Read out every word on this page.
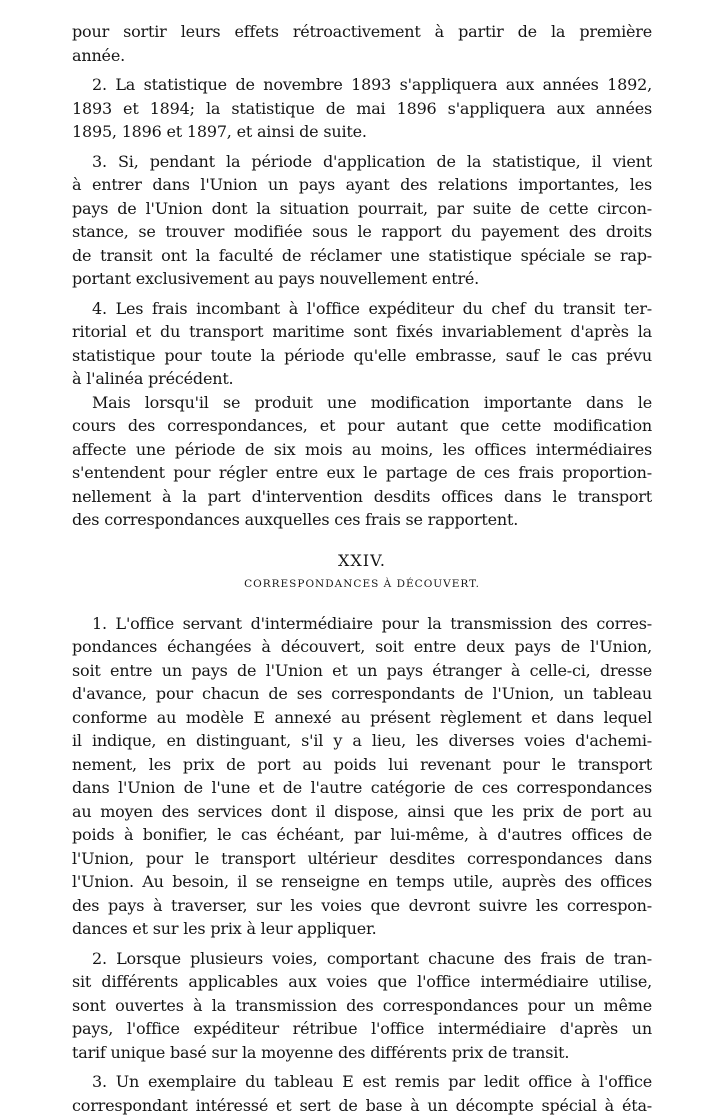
pour sortir leurs effets rétroactivement à partir de la première
année.

2. La statistique de novembre 1893 s'appliquera aux années 1892,
1893 et 1894; la statistique de mai 1896 s'appliquera aux années
1895, 1896 et 1897, et ainsi de suite.

3. Si, pendant la période d'application de la statistique, il vient
à entrer dans l'Union un pays ayant des relations importantes, les
pays de l'Union dont la situation pourrait, par suite de cette circon-
stance, se trouver modifiée sous le rapport du payement des droits
de transit ont la faculté de réclamer une statistique spéciale se rap-
portant exclusivement au pays nouvellement entré.

4. Les frais incombant à l'office expéditeur du chef du transit ter-
ritorial et du transport maritime sont fixés invariablement d'après la
statistique pour toute la période qu'elle embrasse, sauf le cas prévu
à l'alinéa précédent.

Mais lorsqu'il se produit une modification importante dans le
cours des correspondances, et pour autant que cette modification
affecte une période de six mois au moins, les offices intermédiaires
s'entendent pour régler entre eux le partage de ces frais proportion-
nellement à la part d'intervention desdits offices dans le transport
des correspondances auxquelles ces frais se rapportent.

XXIV.
CORRESPONDANCES À DÉCOUVERT.

1. L'office servant d'intermédiaire pour la transmission des corres-
pondances échangées à découvert, soit entre deux pays de l'Union,
soit entre un pays de l'Union et un pays étranger à celle-ci, dresse
d'avance, pour chacun de ses correspondants de l'Union, un tableau
conforme au modèle E annexé au présent règlement et dans lequel
il indique, en distinguant, s'il y a lieu, les diverses voies d'achemi-
nement, les prix de port au poids lui revenant pour le transport
dans l'Union de l'une et de l'autre catégorie de ces correspondances
au moyen des services dont il dispose, ainsi que les prix de port au
poids à bonifier, le cas échéant, par lui-même, à d'autres offices de
l'Union, pour le transport ultérieur desdites correspondances dans
l'Union. Au besoin, il se renseigne en temps utile, auprès des offices
des pays à traverser, sur les voies que devront suivre les correspon-
dances et sur les prix à leur appliquer.

2. Lorsque plusieurs voies, comportant chacune des frais de tran-
sit différents applicables aux voies que l'office intermédiaire utilise,
sont ouvertes à la transmission des correspondances pour un même
pays, l'office expéditeur rétribue l'office intermédiaire d'après un
tarif unique basé sur la moyenne des différents prix de transit.

3. Un exemplaire du tableau E est remis par ledit office à l'office
correspondant intéressé et sert de base à un décompte spécial à éta-
